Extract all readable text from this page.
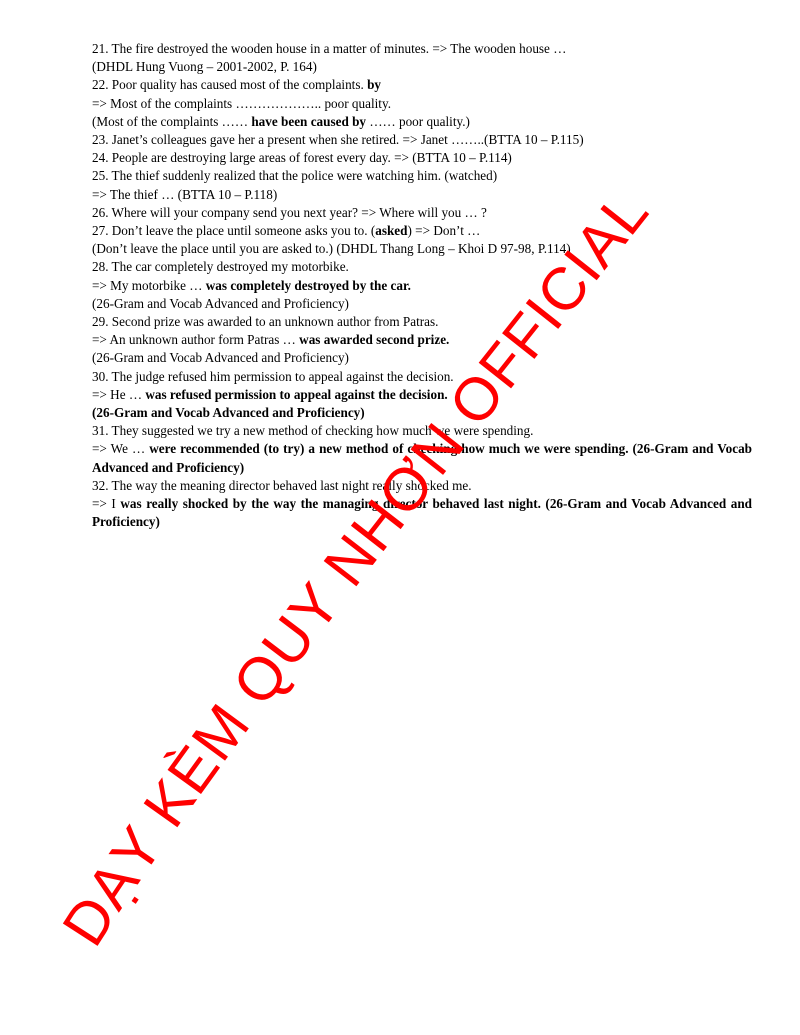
21. The fire destroyed the wooden house in a matter of minutes. => The wooden house …
(DHDL Hung Vuong – 2001-2002, P. 164)
22. Poor quality has caused most of the complaints. by
=> Most of the complaints ……………….. poor quality.
(Most of the complaints …… have been caused by …… poor quality.)
23. Janet’s colleagues gave her a present when she retired. => Janet ……..(BTTA 10 – P.115)
24. People are destroying large areas of forest every day. => (BTTA 10 – P.114)
25. The thief suddenly realized that the police were watching him. (watched)
=> The thief … (BTTA 10 – P.118)
26. Where will your company send you next year? => Where will you … ?
27. Don’t leave the place until someone asks you to. (asked) => Don’t …
(Don’t leave the place until you are asked to.) (DHDL Thang Long – Khoi D 97-98, P.114)
28. The car completely destroyed my motorbike.
=> My motorbike … was completely destroyed by the car.
(26-Gram and Vocab Advanced and Proficiency)
29. Second prize was awarded to an unknown author from Patras.
=> An unknown author form Patras … was awarded second prize.
(26-Gram and Vocab Advanced and Proficiency)
30. The judge refused him permission to appeal against the decision.
=> He … was refused permission to appeal against the decision.
(26-Gram and Vocab Advanced and Proficiency)
31. They suggested we try a new method of checking how much we were spending.
=> We … were recommended (to try) a new method of checking how much we were spending. (26-Gram and Vocab Advanced and Proficiency)
32. The way the meaning director behaved last night really shocked me.
=> I was really shocked by the way the managing director behaved last night. (26-Gram and Vocab Advanced and Proficiency)
DẠY KÈM QUY NHƠN OFFICIAL
